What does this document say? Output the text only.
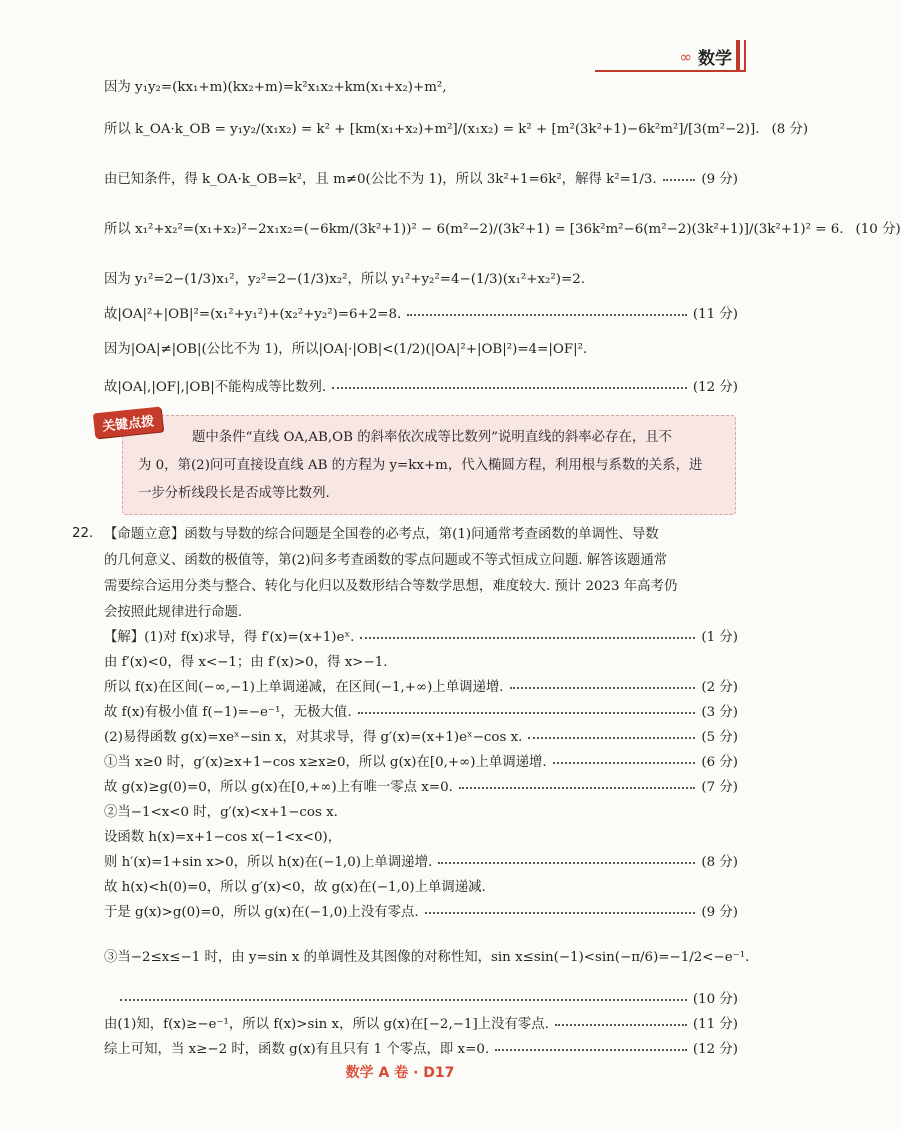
∞ 数学
因为 y₁y₂=(kx₁+m)(kx₂+m)=k²x₁x₂+km(x₁+x₂)+m²,
所以 k_OA·k_OB = y₁y₂/(x₁x₂) = k² + [km(x₁+x₂)+m²]/(x₁x₂) = k² + [m²(3k²+1)−6k²m²]/[3(m²−2)]. (8 分)
由已知条件，得 k_OA·k_OB=k²，且 m≠0(公比不为 1)，所以 3k²+1=6k²，解得 k²=1/3.	(9 分)
所以 x₁²+x₂²=(x₁+x₂)²−2x₁x₂=(−6km/(3k²+1))² − 6(m²−2)/(3k²+1) = [36k²m²−6(m²−2)(3k²+1)]/(3k²+1)² = 6. (10 分)
因为 y₁²=2−(1/3)x₁²，y₂²=2−(1/3)x₂²，所以 y₁²+y₂²=4−(1/3)(x₁²+x₂²)=2.
故|OA|²+|OB|²=(x₁²+y₁²)+(x₂²+y₂²)=6+2=8.	(11 分)
因为|OA|≠|OB|(公比不为 1)，所以|OA|·|OB|<(1/2)(|OA|²+|OB|²)=4=|OF|².
故|OA|,|OF|,|OB|不能构成等比数列.	(12 分)
关键点拨
题中条件“直线 OA,AB,OB 的斜率依次成等比数列”说明直线的斜率必存在，且不
为 0，第(2)问可直接设直线 AB 的方程为 y=kx+m，代入椭圆方程，利用根与系数的关系，进
一步分析线段长是否成等比数列.
22. 【命题立意】函数与导数的综合问题是全国卷的必考点，第(1)问通常考查函数的单调性、导数
的几何意义、函数的极值等，第(2)问多考查函数的零点问题或不等式恒成立问题. 解答该题通常
需要综合运用分类与整合、转化与化归以及数形结合等数学思想，难度较大. 预计 2023 年高考仍
会按照此规律进行命题.
【解】(1)对 f(x)求导，得 f′(x)=(x+1)eˣ.	(1 分)
由 f′(x)<0，得 x<−1；由 f′(x)>0，得 x>−1.
所以 f(x)在区间(−∞,−1)上单调递减，在区间(−1,+∞)上单调递增.	(2 分)
故 f(x)有极小值 f(−1)=−e⁻¹，无极大值.	(3 分)
(2)易得函数 g(x)=xeˣ−sin x，对其求导，得 g′(x)=(x+1)eˣ−cos x.	(5 分)
①当 x≥0 时，g′(x)≥x+1−cos x≥x≥0，所以 g(x)在[0,+∞)上单调递增.	(6 分)
故 g(x)≥g(0)=0，所以 g(x)在[0,+∞)上有唯一零点 x=0.	(7 分)
②当−1<x<0 时，g′(x)<x+1−cos x.
设函数 h(x)=x+1−cos x(−1<x<0)，
则 h′(x)=1+sin x>0，所以 h(x)在(−1,0)上单调递增.	(8 分)
故 h(x)<h(0)=0，所以 g′(x)<0，故 g(x)在(−1,0)上单调递减.
于是 g(x)>g(0)=0，所以 g(x)在(−1,0)上没有零点.	(9 分)
③当−2≤x≤−1 时，由 y=sin x 的单调性及其图像的对称性知，sin x≤sin(−1)<sin(−π/6)=−1/2<−e⁻¹.
(10 分)
由(1)知，f(x)≥−e⁻¹，所以 f(x)>sin x，所以 g(x)在[−2,−1]上没有零点.	(11 分)
综上可知，当 x≥−2 时，函数 g(x)有且只有 1 个零点，即 x=0.	(12 分)
数学 A 卷 · D17
